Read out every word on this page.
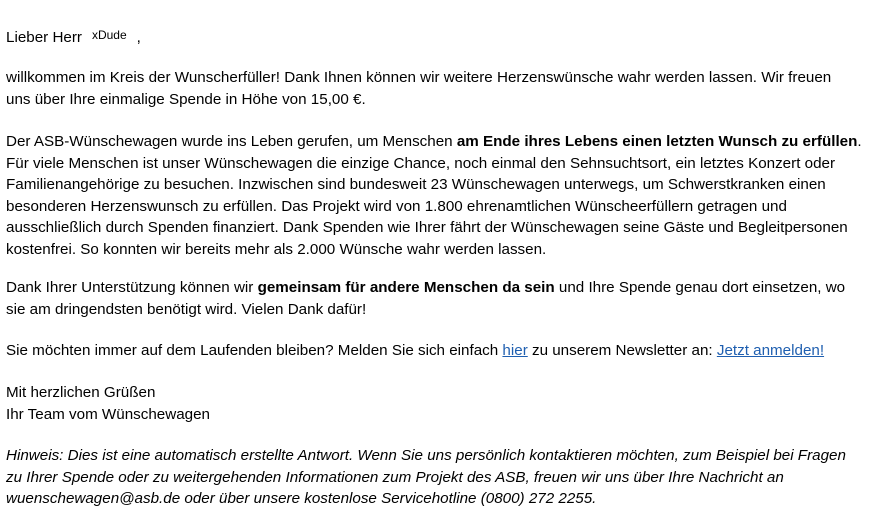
Lieber Herr xDude ,

willkommen im Kreis der Wunscherfüller! Dank Ihnen können wir weitere Herzenswünsche wahr werden lassen. Wir freuen
uns über Ihre einmalige Spende in Höhe von 15,00 €.

Der ASB-Wünschewagen wurde ins Leben gerufen, um Menschen am Ende ihres Lebens einen letzten Wunsch zu erfüllen.
Für viele Menschen ist unser Wünschewagen die einzige Chance, noch einmal den Sehnsuchtsort, ein letztes Konzert oder
Familienangehörige zu besuchen. Inzwischen sind bundesweit 23 Wünschewagen unterwegs, um Schwerstkranken einen
besonderen Herzenswunsch zu erfüllen. Das Projekt wird von 1.800 ehrenamtlichen Wünscheerfüllern getragen und
ausschließlich durch Spenden finanziert. Dank Spenden wie Ihrer fährt der Wünschewagen seine Gäste und Begleitpersonen
kostenfrei. So konnten wir bereits mehr als 2.000 Wünsche wahr werden lassen.

Dank Ihrer Unterstützung können wir gemeinsam für andere Menschen da sein und Ihre Spende genau dort einsetzen, wo
sie am dringendsten benötigt wird. Vielen Dank dafür!

Sie möchten immer auf dem Laufenden bleiben? Melden Sie sich einfach hier zu unserem Newsletter an: Jetzt anmelden!

Mit herzlichen Grüßen
Ihr Team vom Wünschewagen

Hinweis: Dies ist eine automatisch erstellte Antwort. Wenn Sie uns persönlich kontaktieren möchten, zum Beispiel bei Fragen
zu Ihrer Spende oder zu weitergehenden Informationen zum Projekt des ASB, freuen wir uns über Ihre Nachricht an
wuenschewagen@asb.de oder über unsere kostenlose Servicehotline (0800) 272 2255.
